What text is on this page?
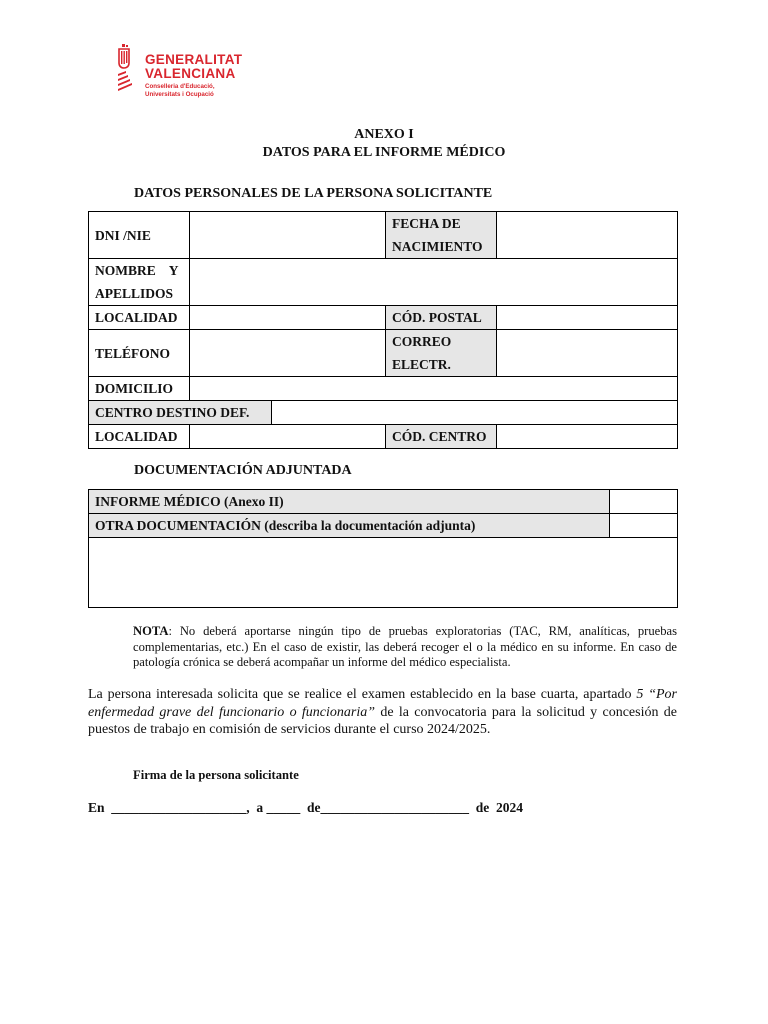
GENERALITAT
VALENCIANA
Conselleria d'Educació,
Universitats i Ocupació
ANEXO I
DATOS PARA EL INFORME MÉDICO
DATOS PERSONALES DE LA PERSONA SOLICITANTE
DNI /NIE			FECHA DE
NACIMIENTO	

NOMBRE    Y
APELLIDOS				

LOCALIDAD			CÓD. POSTAL	
TELÉFONO			CORREO
ELECTR.	

DOMICILIO				
CENTRO DESTINO DEF.				
LOCALIDAD			CÓD. CENTRO	
DOCUMENTACIÓN ADJUNTADA
INFORME MÉDICO (Anexo II)	
OTRA DOCUMENTACIÓN (describa la documentación adjunta)	

NOTA: No deberá aportarse ningún tipo de pruebas exploratorias (TAC, RM, analíticas, pruebas complementarias, etc.) En el caso de existir, las deberá recoger el o la médico en su informe. En caso de patología crónica se deberá acompañar un informe del médico especialista.
La persona interesada solicita que se realice el examen establecido en la base cuarta, apartado 5 “Por enfermedad grave del funcionario o funcionaria” de la convocatoria para la solicitud y concesión de puestos de trabajo en comisión de servicios durante el curso 2024/2025.
Firma de la persona solicitante
En  ____________________,  a _____  de______________________  de  2024
